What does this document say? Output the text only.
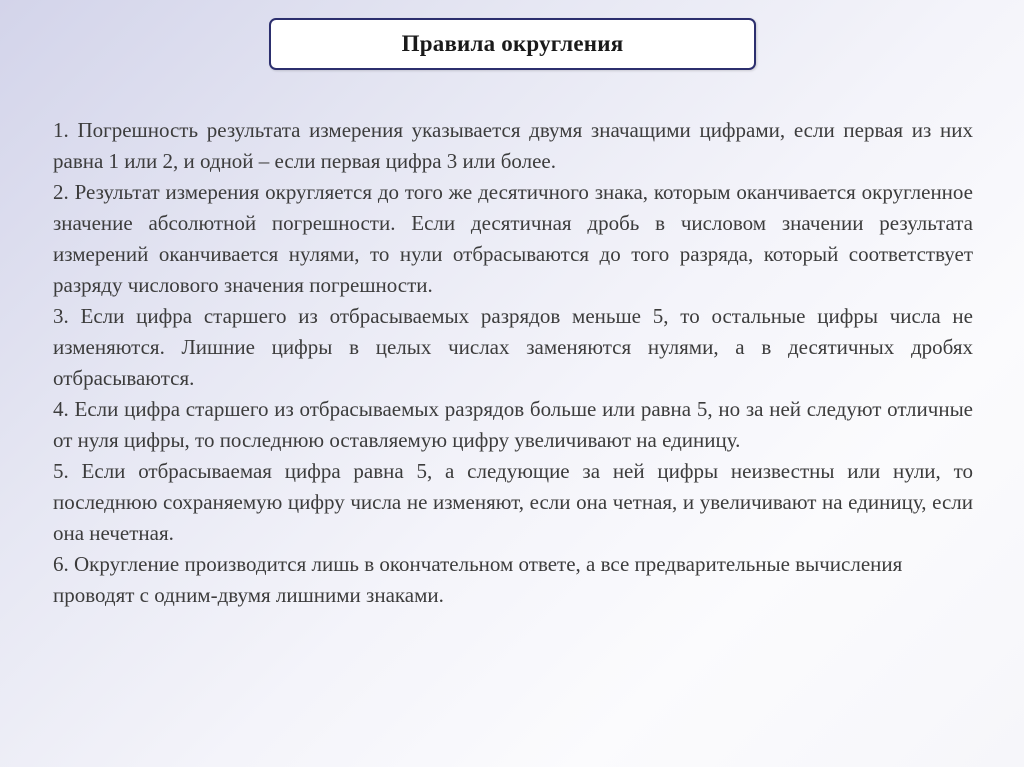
Правила округления

1. Погрешность результата измерения указывается двумя значащими цифрами, если первая из них равна 1 или 2, и одной – если первая цифра 3 или более.

2. Результат измерения округляется до того же десятичного знака, которым оканчивается округленное значение абсолютной погрешности. Если десятичная дробь в числовом значении результата измерений оканчивается нулями, то нули отбрасываются до того разряда, который соответствует разряду числового значения погрешности.

3. Если цифра старшего из отбрасываемых разрядов меньше 5, то остальные цифры числа не изменяются. Лишние цифры в целых числах заменяются нулями, а в десятичных дробях отбрасываются.

4. Если цифра старшего из отбрасываемых разрядов больше или равна 5, но за ней следуют отличные от нуля цифры, то последнюю оставляемую цифру увеличивают на единицу.

5. Если отбрасываемая цифра равна 5, а следующие за ней цифры неизвестны или нули, то последнюю сохраняемую цифру числа не изменяют, если она четная, и увеличивают на единицу, если она нечетная.

6. Округление производится лишь в окончательном ответе, а все предварительные вычисления проводят с одним-двумя лишними знаками.
